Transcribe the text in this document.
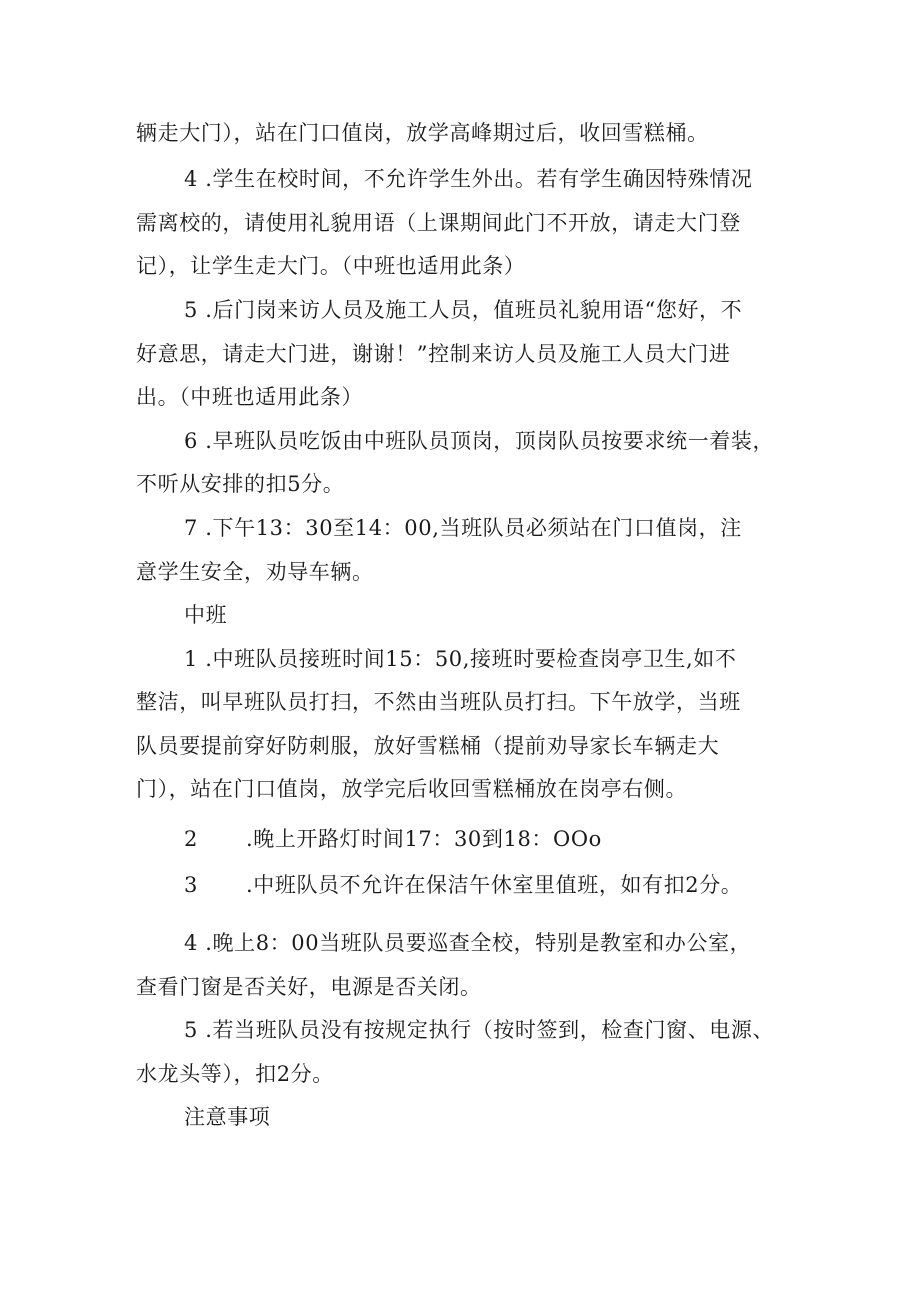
辆走大门），站在门口值岗，放学高峰期过后，收回雪糕桶。
4 .学生在校时间，不允许学生外出。若有学生确因特殊情况
需离校的，请使用礼貌用语（上课期间此门不开放，请走大门登
记），让学生走大门。（中班也适用此条）
5 .后门岗来访人员及施工人员，值班员礼貌用语“您好，不
好意思，请走大门进，谢谢！”控制来访人员及施工人员大门进
出。（中班也适用此条）
6 .早班队员吃饭由中班队员顶岗，顶岗队员按要求统一着装，
不听从安排的扣5分。
7 .下午13：30至14：00,当班队员必须站在门口值岗，注
意学生安全，劝导车辆。
中班
1 .中班队员接班时间15：50,接班时要检查岗亭卫生,如不
整洁，叫早班队员打扫，不然由当班队员打扫。下午放学，当班
队员要提前穿好防刺服，放好雪糕桶（提前劝导家长车辆走大
门），站在门口值岗，放学完后收回雪糕桶放在岗亭右侧。
2 .晚上开路灯时间17：30到18：OOo
3 .中班队员不允许在保洁午休室里值班，如有扣2分。
4 .晚上8：00当班队员要巡查全校，特别是教室和办公室，
查看门窗是否关好，电源是否关闭。
5 .若当班队员没有按规定执行（按时签到，检查门窗、电源、
水龙头等），扣2分。
注意事项
